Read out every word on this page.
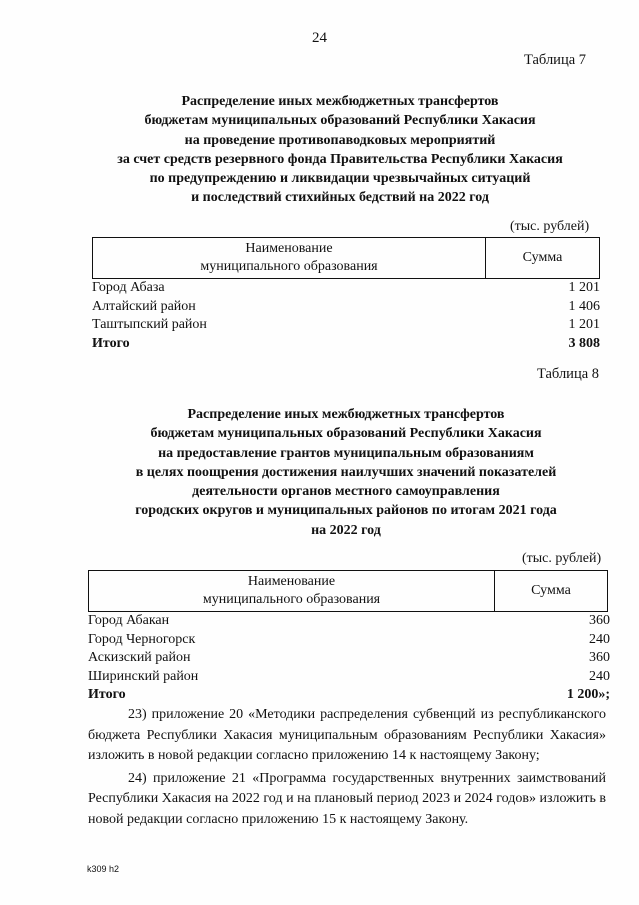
24
Таблица 7
Распределение иных межбюджетных трансфертов
бюджетам муниципальных образований Республики Хакасия
на проведение противопаводковых мероприятий
за счет средств резервного фонда Правительства Республики Хакасия
по предупреждению и ликвидации чрезвычайных ситуаций
и последствий стихийных бедствий на 2022 год
(тыс. рублей)
Наименование
муниципального образования
	Сумма
Город Абаза	1 201
Алтайский район	1 406
Таштыпский район	1 201
Итого	3 808
Таблица 8
Распределение иных межбюджетных трансфертов
бюджетам муниципальных образований Республики Хакасия
на предоставление грантов муниципальным образованиям
в целях поощрения достижения наилучших значений показателей
деятельности органов местного самоуправления
городских округов и муниципальных районов по итогам 2021 года
на 2022 год
(тыс. рублей)
Наименование
муниципального образования
	Сумма
Город Абакан	360
Город Черногорск	240
Аскизский район	360
Ширинский район	240
Итого	1 200»;

23) приложение 20 «Методики распределения субвенций из республиканского бюджета Республики Хакасия муниципальным образованиям Республики Хакасия» изложить в новой редакции согласно приложению 14 к настоящему Закону;

24) приложение 21 «Программа государственных внутренних заимствований Республики Хакасия на 2022 год и на плановый период 2023 и 2024 годов» изложить в новой редакции согласно приложению 15 к настоящему Закону.

k309 h2
